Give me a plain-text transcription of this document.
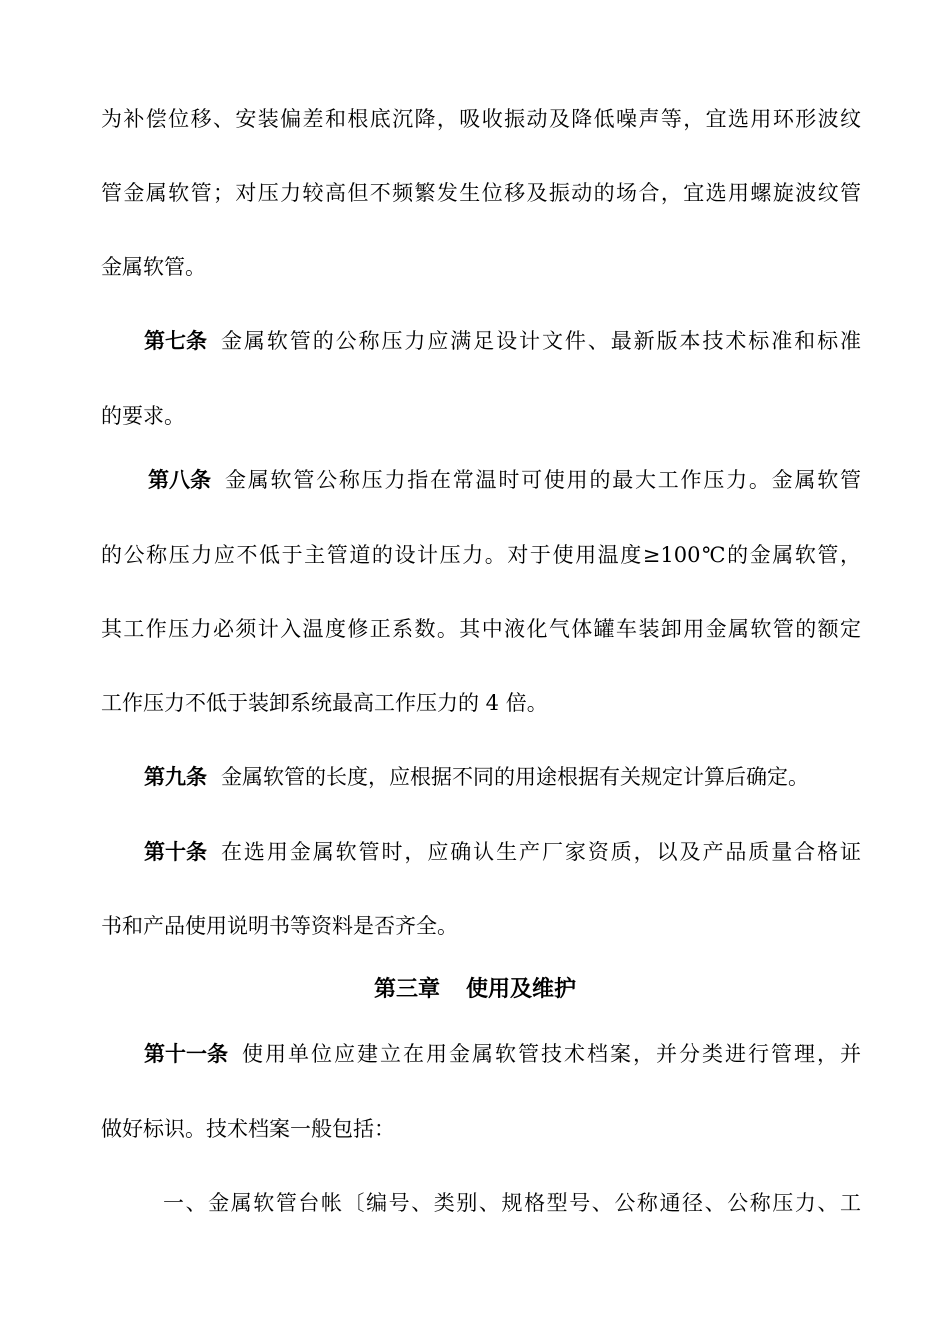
为补偿位移、安装偏差和根底沉降，吸收振动及降低噪声等，宜选用环形波纹
管金属软管；对压力较高但不频繁发生位移及振动的场合，宜选用螺旋波纹管
金属软管。
第七条 金属软管的公称压力应满足设计文件、最新版本技术标准和标准
的要求。
第八条 金属软管公称压力指在常温时可使用的最大工作压力。金属软管
的公称压力应不低于主管道的设计压力。对于使用温度≥100℃的金属软管，
其工作压力必须计入温度修正系数。其中液化气体罐车装卸用金属软管的额定
工作压力不低于装卸系统最高工作压力的 4 倍。
第九条 金属软管的长度，应根据不同的用途根据有关规定计算后确定。
第十条 在选用金属软管时，应确认生产厂家资质，以及产品质量合格证
书和产品使用说明书等资料是否齐全。
第三章 使用及维护
第十一条 使用单位应建立在用金属软管技术档案，并分类进行管理，并
做好标识。技术档案一般包括：
一、金属软管台帐〔编号、类别、规格型号、公称通径、公称压力、工
